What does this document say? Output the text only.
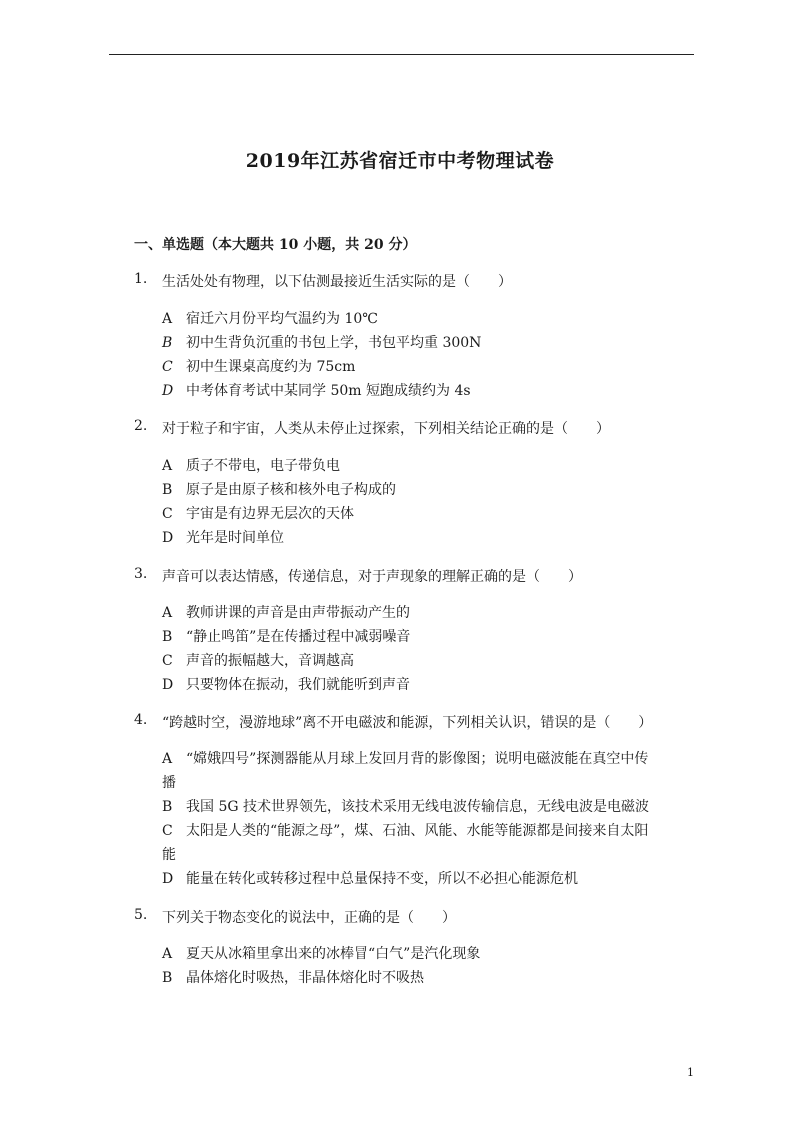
2019年江苏省宿迁市中考物理试卷
一、单选题（本大题共 10 小题，共 20 分）
1. 生活处处有物理，以下估测最接近生活实际的是（　　）
A 宿迁六月份平均气温约为 10℃
B 初中生背负沉重的书包上学，书包平均重 300N
C 初中生课桌高度约为 75cm
D 中考体育考试中某同学 50m 短跑成绩约为 4s
2. 对于粒子和宇宙，人类从未停止过探索，下列相关结论正确的是（　　）
A 质子不带电，电子带负电
B 原子是由原子核和核外电子构成的
C 宇宙是有边界无层次的天体
D 光年是时间单位
3. 声音可以表达情感，传递信息，对于声现象的理解正确的是（　　）
A 教师讲课的声音是由声带振动产生的
B “静止鸣笛”是在传播过程中减弱噪音
C 声音的振幅越大，音调越高
D 只要物体在振动，我们就能听到声音
4. “跨越时空，漫游地球”离不开电磁波和能源，下列相关认识，错误的是（　　）
A “嫦娥四号”探测器能从月球上发回月背的影像图；说明电磁波能在真空中传
播
B 我国 5G 技术世界领先，该技术采用无线电波传输信息，无线电波是电磁波
C 太阳是人类的“能源之母”，煤、石油、风能、水能等能源都是间接来自太阳
能
D 能量在转化或转移过程中总量保持不变，所以不必担心能源危机
5. 下列关于物态变化的说法中，正确的是（　　）
A 夏天从冰箱里拿出来的冰棒冒“白气”是汽化现象
B 晶体熔化时吸热，非晶体熔化时不吸热
1
